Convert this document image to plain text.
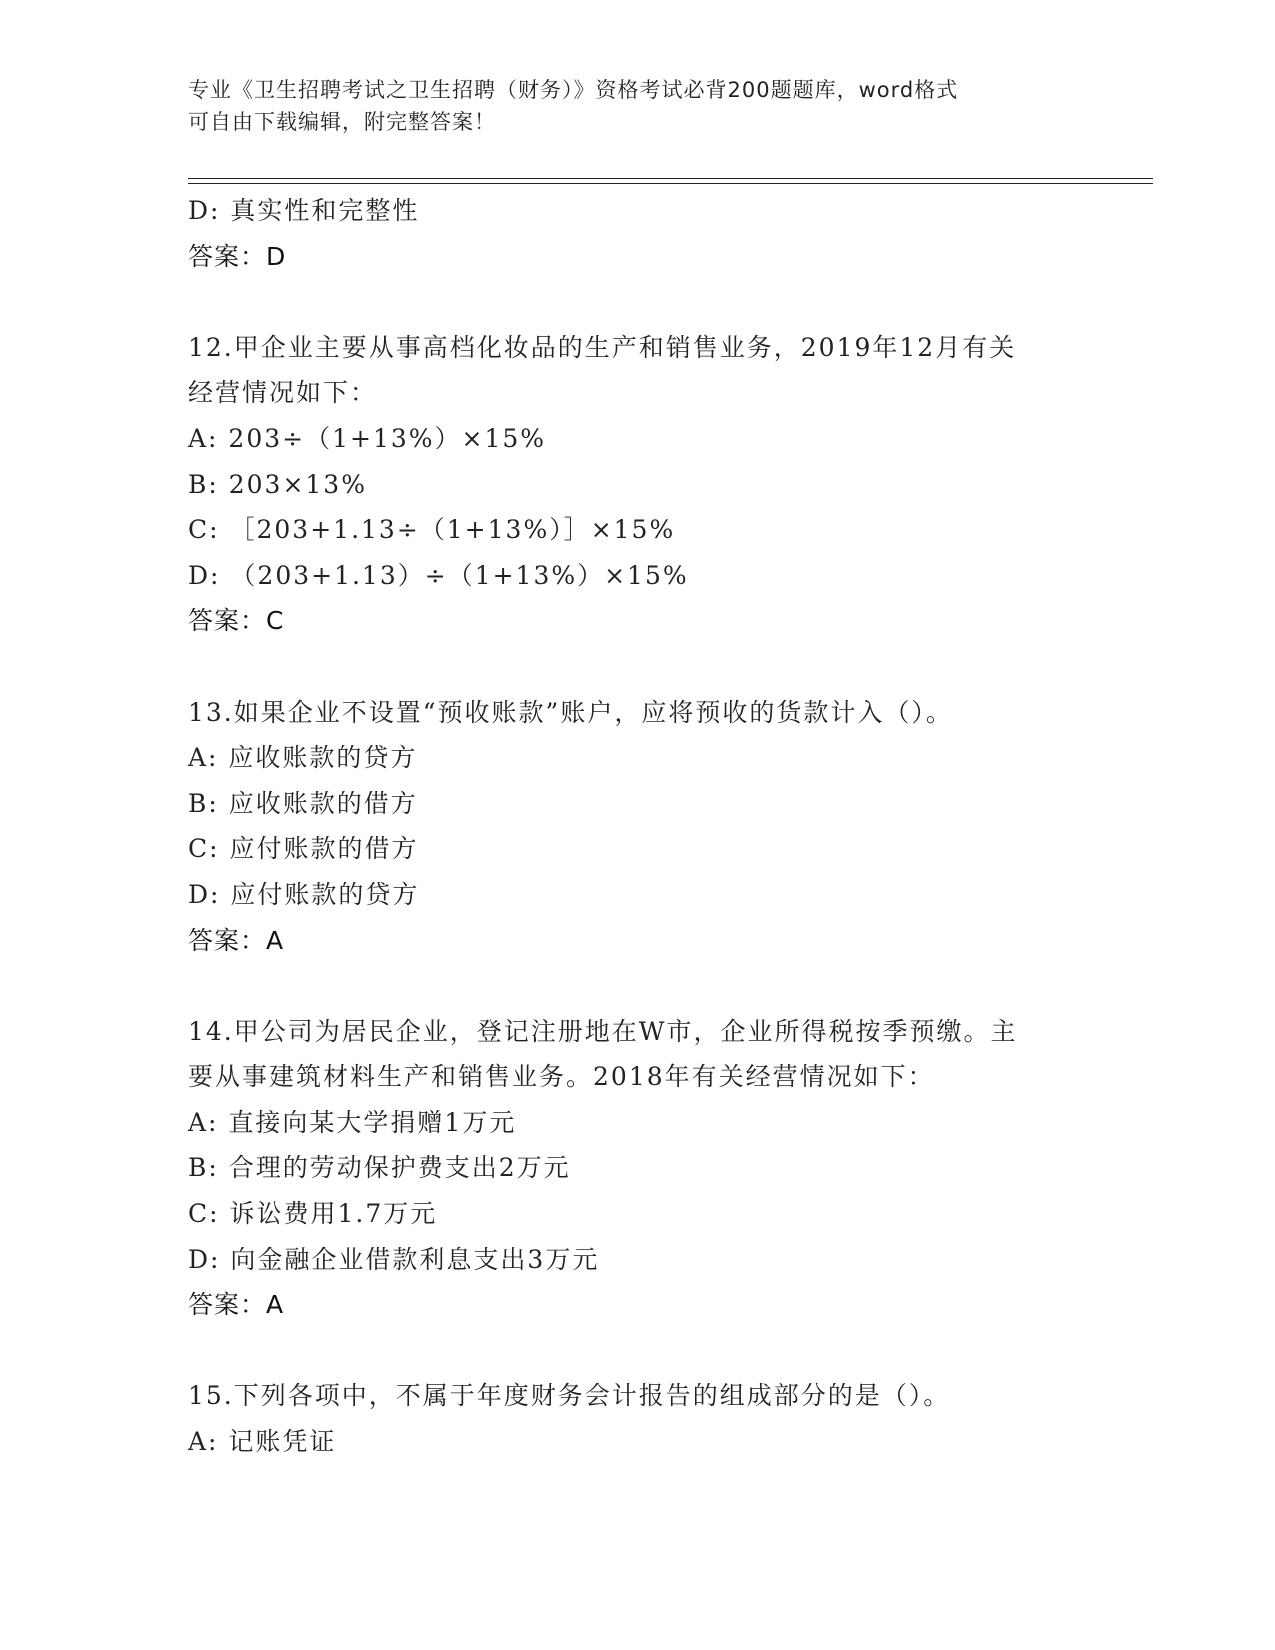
专业《卫生招聘考试之卫生招聘（财务）》资格考试必背200题题库，word格式
可自由下载编辑，附完整答案！
D: 真实性和完整性
答案：D
12.甲企业主要从事高档化妆品的生产和销售业务，2019年12月有关
经营情况如下：
A: 203÷（1+13%）×15%
B: 203×13%
C: ［203+1.13÷（1+13%）］×15%
D: （203+1.13）÷（1+13%）×15%
答案：C
13.如果企业不设置“预收账款”账户，应将预收的货款计入（）。
A: 应收账款的贷方
B: 应收账款的借方
C: 应付账款的借方
D: 应付账款的贷方
答案：A
14.甲公司为居民企业，登记注册地在W市，企业所得税按季预缴。主
要从事建筑材料生产和销售业务。2018年有关经营情况如下：
A: 直接向某大学捐赠1万元
B: 合理的劳动保护费支出2万元
C: 诉讼费用1.7万元
D: 向金融企业借款利息支出3万元
答案：A
15.下列各项中，不属于年度财务会计报告的组成部分的是（）。
A: 记账凭证
